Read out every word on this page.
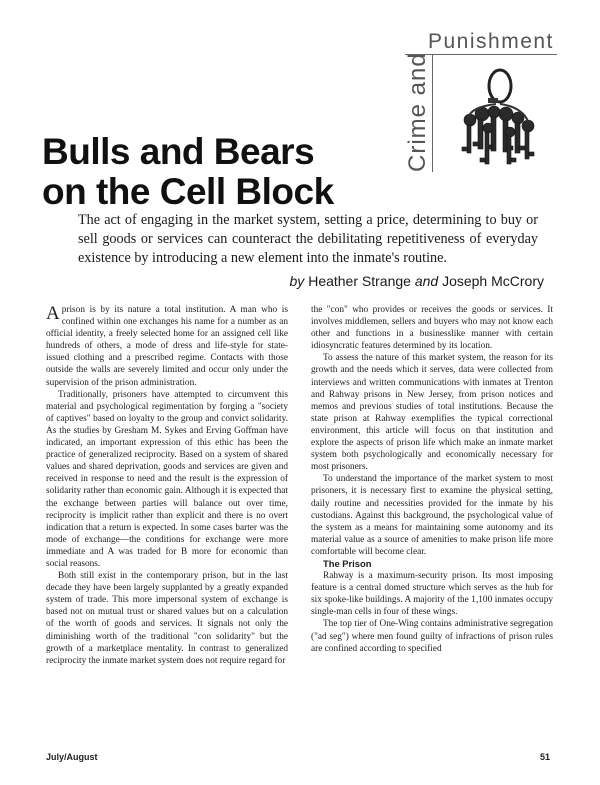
Punishment
Crime and
Bulls and Bears
on the Cell Block
The act of engaging in the market system, setting a price, determining to buy or sell goods or services can counteract the debilitating repetitiveness of everyday existence by introducing a new element into the inmate's routine.
by Heather Strange and Joseph McCrory

Aprison is by its nature a total institution. A man who is confined within one exchanges his name for a number as an official identity, a freely selected home for an assigned cell like hundreds of others, a mode of dress and life-style for state-issued clothing and a prescribed regime. Contacts with those outside the walls are severely limited and occur only under the supervision of the prison administration.

Traditionally, prisoners have attempted to circumvent this material and psychological regimentation by forging a "society of captives" based on loyalty to the group and convict solidarity. As the studies by Gresham M. Sykes and Erving Goffman have indicated, an important expression of this ethic has been the practice of generalized reciprocity. Based on a system of shared values and shared deprivation, goods and services are given and received in response to need and the result is the expression of solidarity rather than economic gain. Although it is expected that the exchange between parties will balance out over time, reciprocity is implicit rather than explicit and there is no overt indication that a return is expected. In some cases barter was the mode of exchange—the conditions for exchange were more immediate and A was traded for B more for economic than social reasons.

Both still exist in the contemporary prison, but in the last decade they have been largely supplanted by a greatly expanded system of trade. This more impersonal system of exchange is based not on mutual trust or shared values but on a calculation of the worth of goods and services. It signals not only the diminishing worth of the traditional "con solidarity" but the growth of a marketplace mentality. In contrast to generalized reciprocity the inmate market system does not require regard for

the "con" who provides or receives the goods or services. It involves middlemen, sellers and buyers who may not know each other and functions in a businesslike manner with certain idiosyncratic features determined by its location.

To assess the nature of this market system, the reason for its growth and the needs which it serves, data were collected from interviews and written communications with inmates at Trenton and Rahway prisons in New Jersey, from prison notices and memos and previous studies of total institutions. Because the state prison at Rahway exemplifies the typical correctional environment, this article will focus on that institution and explore the aspects of prison life which make an inmate market system both psychologically and economically necessary for most prisoners.

To understand the importance of the market system to most prisoners, it is necessary first to examine the physical setting, daily routine and necessities provided for the inmate by his custodians. Against this background, the psychological value of the system as a means for maintaining some autonomy and its material value as a source of amenities to make prison life more comfortable will become clear.

The Prison

Rahway is a maximum-security prison. Its most imposing feature is a central domed structure which serves as the hub for six spoke-like buildings. A majority of the 1,100 inmates occupy single-man cells in four of these wings.

The top tier of One-Wing contains administrative segregation ("ad seg") where men found guilty of infractions of prison rules are confined according to specified

July/August	51
